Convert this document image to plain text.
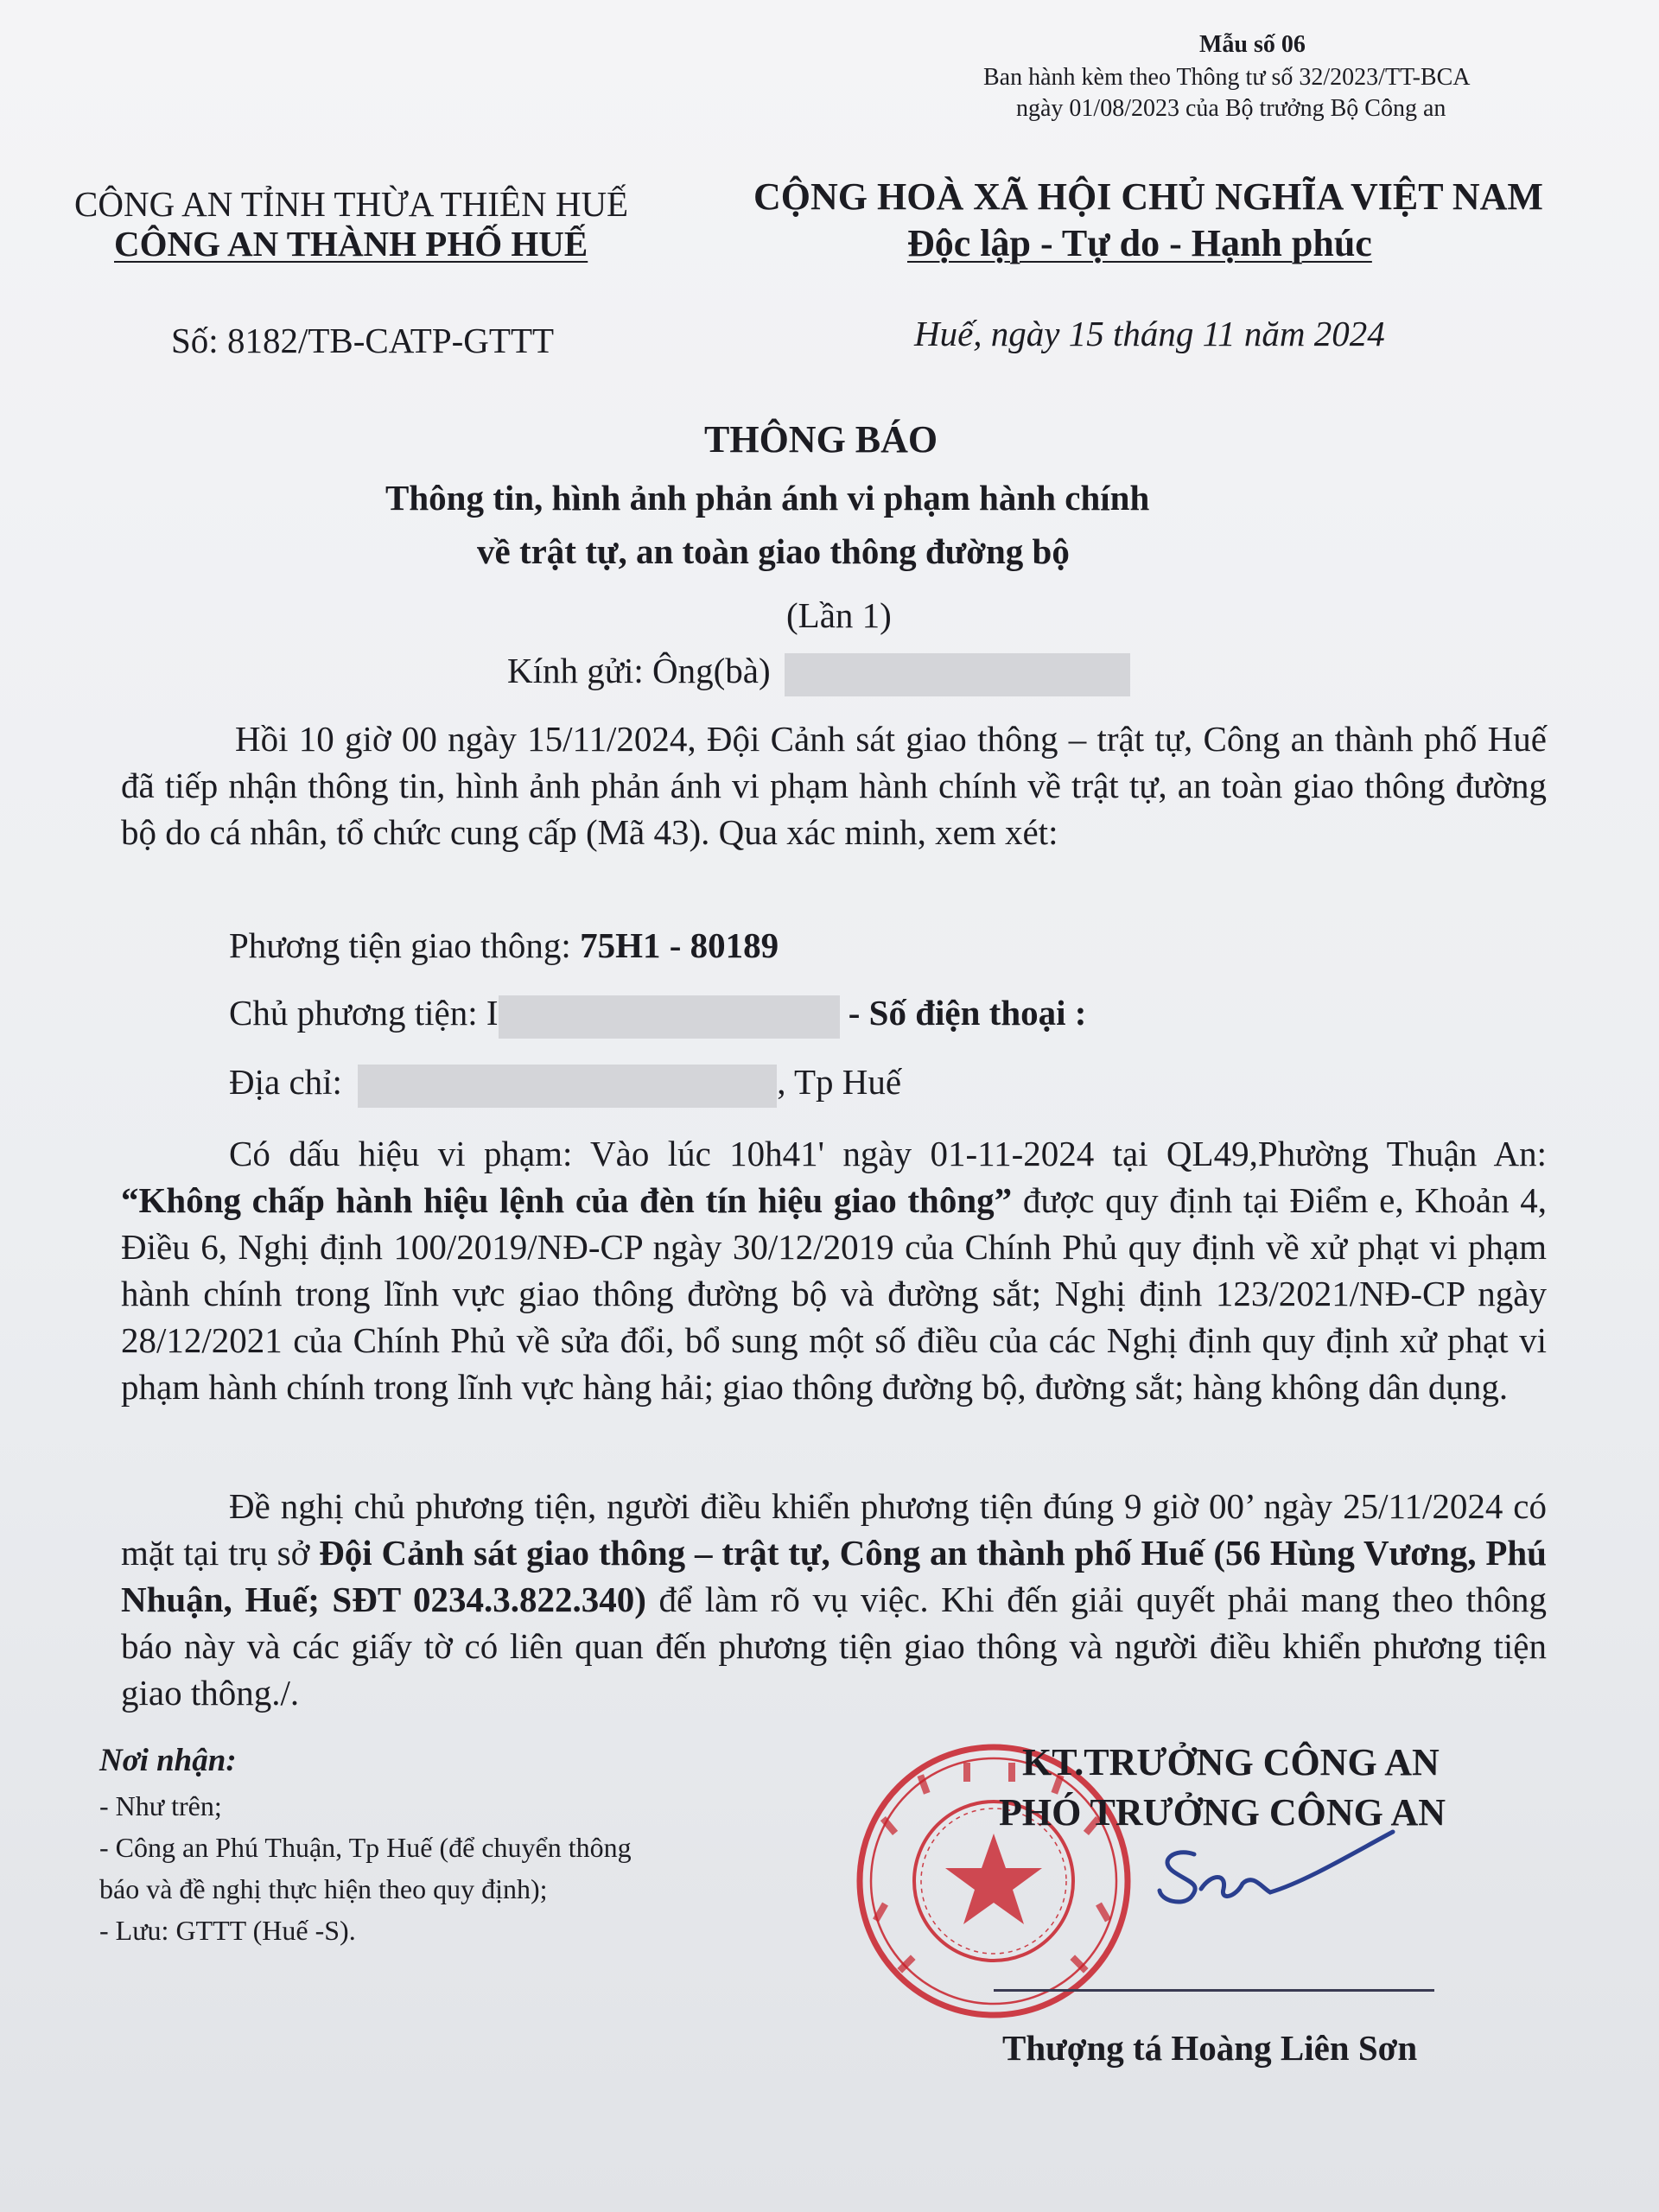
Mẫu số 06
Ban hành kèm theo Thông tư số 32/2023/TT-BCA
ngày 01/08/2023 của Bộ trưởng Bộ Công an
CÔNG AN TỈNH THỪA THIÊN HUẾ
CÔNG AN THÀNH PHỐ HUẾ
Số: 8182/TB-CATP-GTTT
CỘNG HOÀ XÃ HỘI CHỦ NGHĨA VIỆT NAM
Độc lập - Tự do - Hạnh phúc
Huế, ngày 15 tháng 11 năm 2024
THÔNG BÁO
Thông tin, hình ảnh phản ánh vi phạm hành chính
về trật tự, an toàn giao thông đường bộ
(Lần 1)
Kính gửi: Ông(bà)
Hồi 10 giờ 00 ngày 15/11/2024, Đội Cảnh sát giao thông – trật tự, Công an thành phố Huế đã tiếp nhận thông tin, hình ảnh phản ánh vi phạm hành chính về trật tự, an toàn giao thông đường bộ do cá nhân, tổ chức cung cấp (Mã 43). Qua xác minh, xem xét:
Phương tiện giao thông: 75H1 - 80189
Chủ phương tiện: I	- Số điện thoại :
Địa chỉ:	, Tp Huế
Có dấu hiệu vi phạm: Vào lúc 10h41' ngày 01-11-2024 tại QL49,Phường Thuận An: “Không chấp hành hiệu lệnh của đèn tín hiệu giao thông” được quy định tại Điểm e, Khoản 4, Điều 6, Nghị định 100/2019/NĐ-CP ngày 30/12/2019 của Chính Phủ quy định về xử phạt vi phạm hành chính trong lĩnh vực giao thông đường bộ và đường sắt; Nghị định 123/2021/NĐ-CP ngày 28/12/2021 của Chính Phủ về sửa đổi, bổ sung một số điều của các Nghị định quy định xử phạt vi phạm hành chính trong lĩnh vực hàng hải; giao thông đường bộ, đường sắt; hàng không dân dụng.
Đề nghị chủ phương tiện, người điều khiển phương tiện đúng 9 giờ 00’ ngày 25/11/2024 có mặt tại trụ sở Đội Cảnh sát giao thông – trật tự, Công an thành phố Huế (56 Hùng Vương, Phú Nhuận, Huế; SĐT 0234.3.822.340) để làm rõ vụ việc. Khi đến giải quyết phải mang theo thông báo này và các giấy tờ có liên quan đến phương tiện giao thông và người điều khiển phương tiện giao thông./.
Nơi nhận:
- Như trên;
- Công an Phú Thuận, Tp Huế (để chuyển thông
báo và đề nghị thực hiện theo quy định);
- Lưu: GTTT (Huế -S).
KT.TRƯỞNG CÔNG AN
PHÓ TRƯỞNG CÔNG AN
Thượng tá Hoàng Liên Sơn
